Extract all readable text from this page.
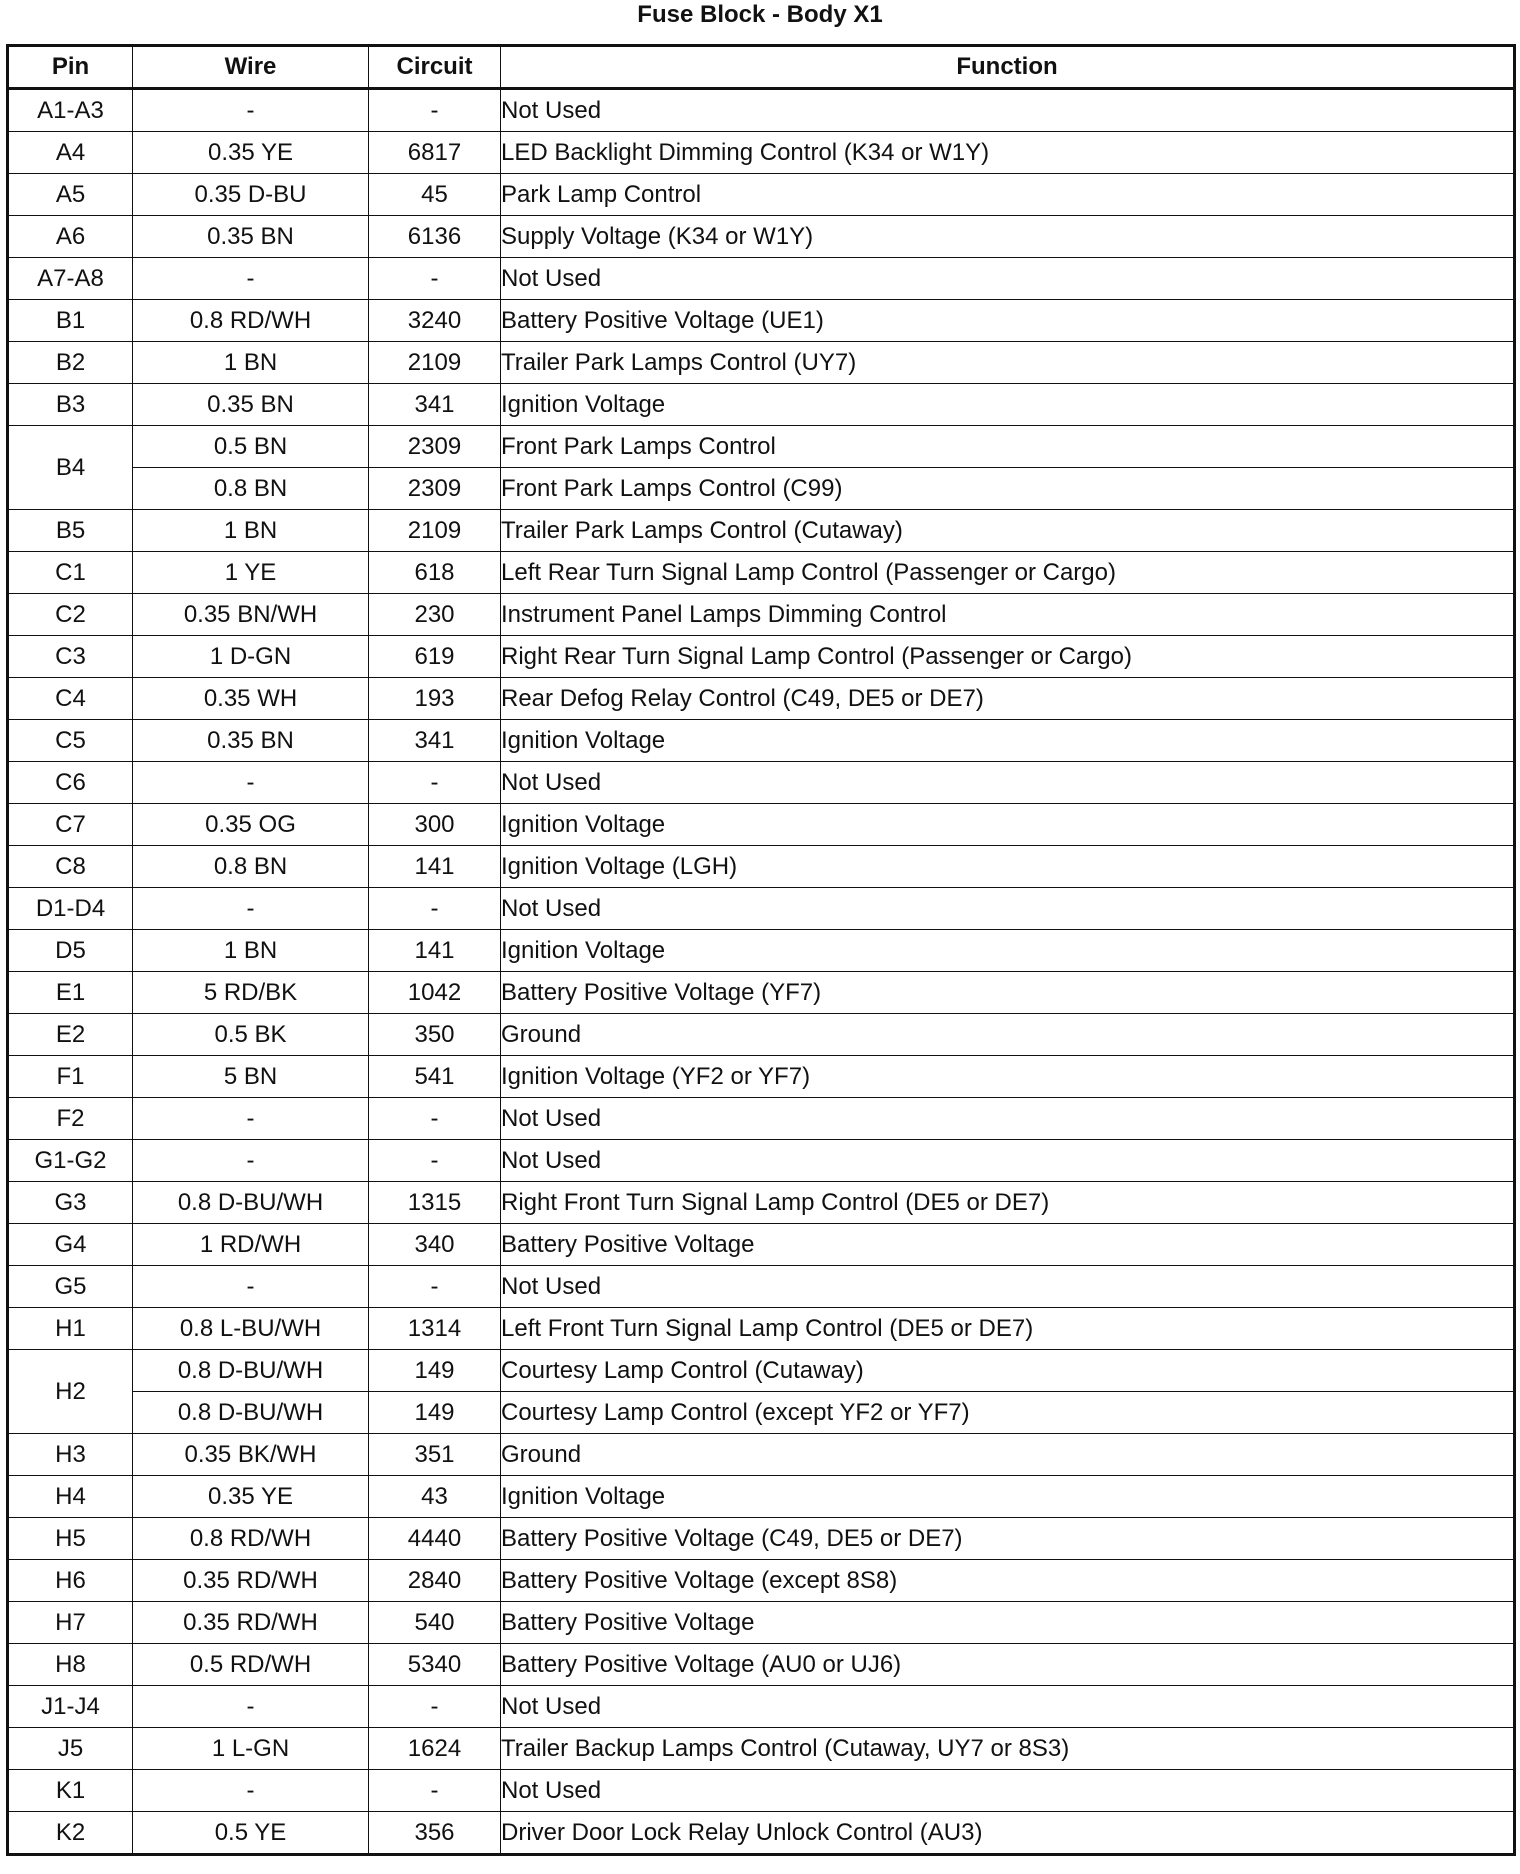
Fuse Block - Body X1
Pin	Wire	Circuit	Function
A1-A3	-	-	Not Used
A4	0.35 YE	6817	LED Backlight Dimming Control (K34 or W1Y)
A5	0.35 D-BU	45	Park Lamp Control
A6	0.35 BN	6136	Supply Voltage (K34 or W1Y)
A7-A8	-	-	Not Used
B1	0.8 RD/WH	3240	Battery Positive Voltage (UE1)
B2	1 BN	2109	Trailer Park Lamps Control (UY7)
B3	0.35 BN	341	Ignition Voltage
B4	0.5 BN	2309	Front Park Lamps Control
	0.8 BN	2309	Front Park Lamps Control (C99)
B5	1 BN	2109	Trailer Park Lamps Control (Cutaway)
C1	1 YE	618	Left Rear Turn Signal Lamp Control (Passenger or Cargo)
C2	0.35 BN/WH	230	Instrument Panel Lamps Dimming Control
C3	1 D-GN	619	Right Rear Turn Signal Lamp Control (Passenger or Cargo)
C4	0.35 WH	193	Rear Defog Relay Control (C49, DE5 or DE7)
C5	0.35 BN	341	Ignition Voltage
C6	-	-	Not Used
C7	0.35 OG	300	Ignition Voltage
C8	0.8 BN	141	Ignition Voltage (LGH)
D1-D4	-	-	Not Used
D5	1 BN	141	Ignition Voltage
E1	5 RD/BK	1042	Battery Positive Voltage (YF7)
E2	0.5 BK	350	Ground
F1	5 BN	541	Ignition Voltage (YF2 or YF7)
F2	-	-	Not Used
G1-G2	-	-	Not Used
G3	0.8 D-BU/WH	1315	Right Front Turn Signal Lamp Control (DE5 or DE7)
G4	1 RD/WH	340	Battery Positive Voltage
G5	-	-	Not Used
H1	0.8 L-BU/WH	1314	Left Front Turn Signal Lamp Control (DE5 or DE7)
H2	0.8 D-BU/WH	149	Courtesy Lamp Control (Cutaway)
	0.8 D-BU/WH	149	Courtesy Lamp Control (except YF2 or YF7)
H3	0.35 BK/WH	351	Ground
H4	0.35 YE	43	Ignition Voltage
H5	0.8 RD/WH	4440	Battery Positive Voltage (C49, DE5 or DE7)
H6	0.35 RD/WH	2840	Battery Positive Voltage (except 8S8)
H7	0.35 RD/WH	540	Battery Positive Voltage
H8	0.5 RD/WH	5340	Battery Positive Voltage (AU0 or UJ6)
J1-J4	-	-	Not Used
J5	1 L-GN	1624	Trailer Backup Lamps Control (Cutaway, UY7 or 8S3)
K1	-	-	Not Used
K2	0.5 YE	356	Driver Door Lock Relay Unlock Control (AU3)
